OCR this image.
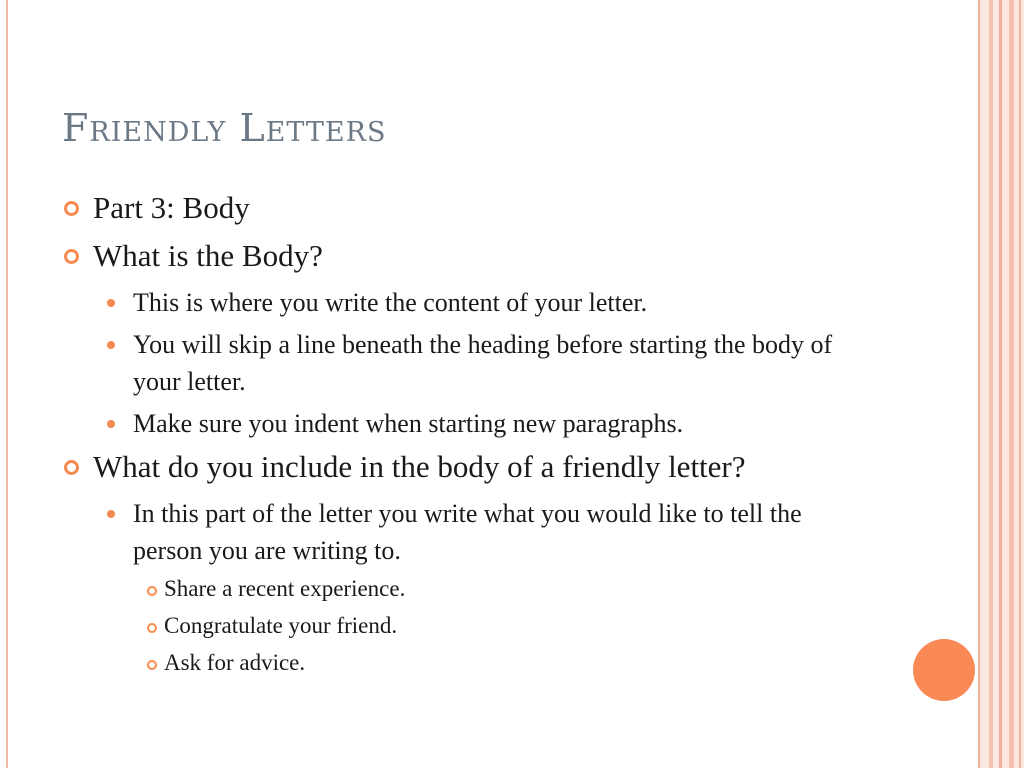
Friendly Letters
Part 3: Body
What is the Body?
This is where you write the content of your letter.
You will skip a line beneath the heading before starting the body of your letter.
Make sure you indent when starting new paragraphs.
What do you include in the body of a friendly letter?
In this part of the letter you write what you would like to tell the person you are writing to.
Share a recent experience.
Congratulate your friend.
Ask for advice.
